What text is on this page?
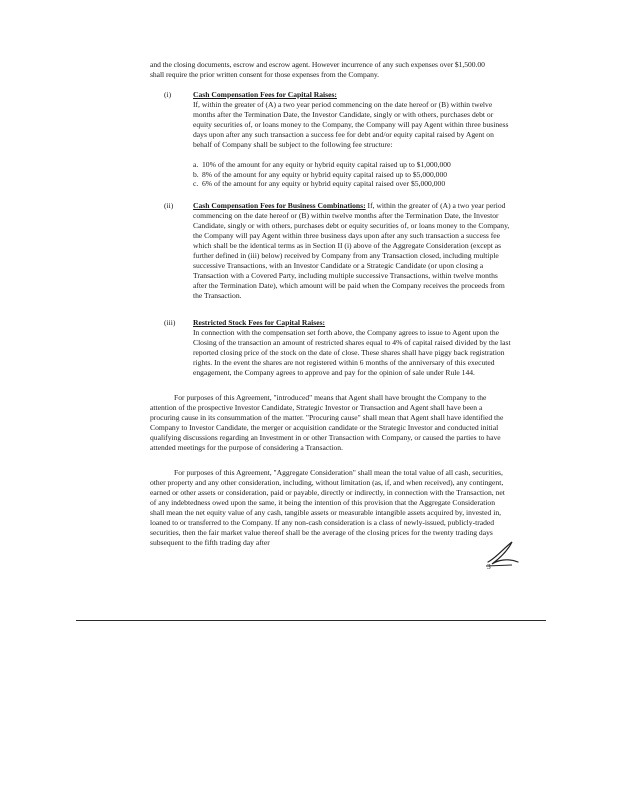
and the closing documents, escrow and escrow agent. However incurrence of any such expenses over $1,500.00 shall require the prior written consent for those expenses from the Company.
(i)	Cash Compensation Fees for Capital Raises:
If, within the greater of (A) a two year period commencing on the date hereof or (B) within twelve months after the Termination Date, the Investor Candidate, singly or with others, purchases debt or equity securities of, or loans money to the Company, the Company will pay Agent within three business days upon after any such transaction a success fee for debt and/or equity capital raised by Agent on behalf of Company shall be subject to the following fee structure:
a. 10% of the amount for any equity or hybrid equity capital raised up to $1,000,000
b. 8% of the amount for any equity or hybrid equity capital raised up to $5,000,000
c. 6% of the amount for any equity or hybrid equity capital raised over $5,000,000
(ii)	Cash Compensation Fees for Business Combinations: If, within the greater of (A) a two year period commencing on the date hereof or (B) within twelve months after the Termination Date, the Investor Candidate, singly or with others, purchases debt or equity securities of, or loans money to the Company, the Company will pay Agent within three business days upon after any such transaction a success fee which shall be the identical terms as in Section II (i) above of the Aggregate Consideration (except as further defined in (iii) below) received by Company from any Transaction closed, including multiple successive Transactions, with an Investor Candidate or a Strategic Candidate (or upon closing a Transaction with a Covered Party, including multiple successive Transactions, within twelve months after the Termination Date), which amount will be paid when the Company receives the proceeds from the Transaction.
(iii) Restricted Stock Fees for Capital Raises:
In connection with the compensation set forth above, the Company agrees to issue to Agent upon the Closing of the transaction an amount of restricted shares equal to 4% of capital raised divided by the last reported closing price of the stock on the date of close. These shares shall have piggy back registration rights. In the event the shares are not registered within 6 months of the anniversary of this executed engagement, the Company agrees to approve and pay for the opinion of sale under Rule 144.
For purposes of this Agreement, "introduced" means that Agent shall have brought the Company to the attention of the prospective Investor Candidate, Strategic Investor or Transaction and Agent shall have been a procuring cause in its consummation of the matter. "Procuring cause" shall mean that Agent shall have identified the Company to Investor Candidate, the merger or acquisition candidate or the Strategic Investor and conducted initial qualifying discussions regarding an Investment in or other Transaction with Company, or caused the parties to have attended meetings for the purpose of considering a Transaction.
For purposes of this Agreement, "Aggregate Consideration" shall mean the total value of all cash, securities, other property and any other consideration, including, without limitation (as, if, and when received), any contingent, earned or other assets or consideration, paid or payable, directly or indirectly, in connection with the Transaction, net of any indebtedness owed upon the same, it being the intention of this provision that the Aggregate Consideration shall mean the net equity value of any cash, tangible assets or measurable intangible assets acquired by, invested in, loaned to or transferred to the Company. If any non-cash consideration is a class of newly-issued, publicly-traded securities, then the fair market value thereof shall be the average of the closing prices for the twenty trading days subsequent to the fifth trading day after
3
